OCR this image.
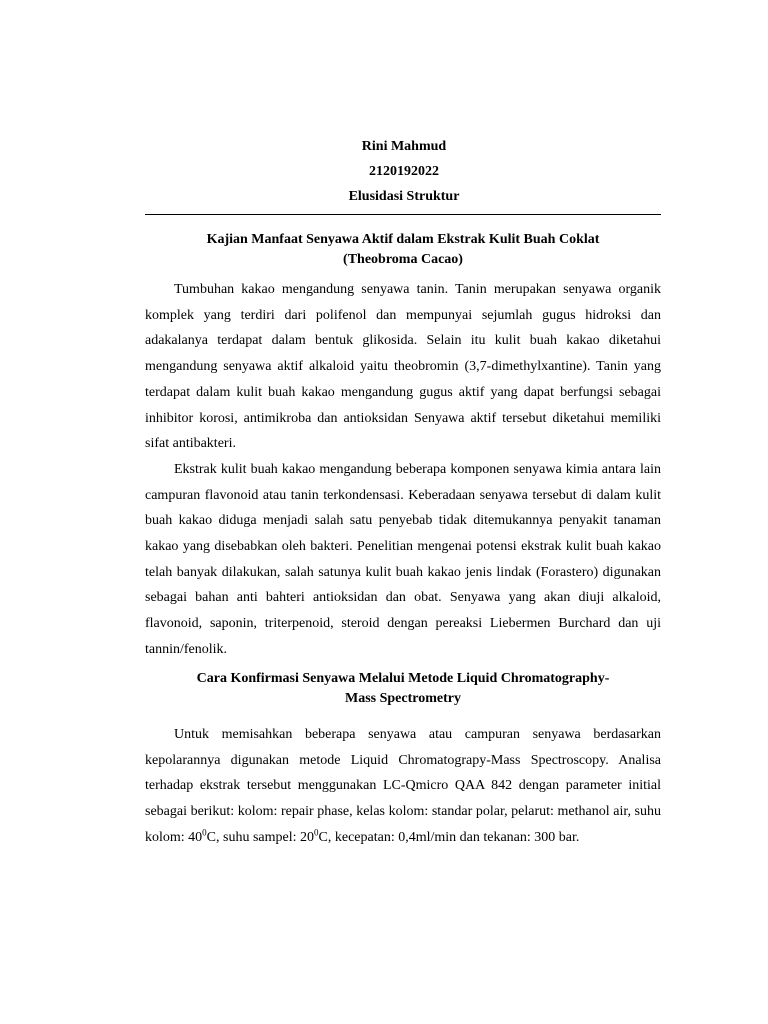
Rini Mahmud
2120192022
Elusidasi Struktur
Kajian Manfaat Senyawa Aktif dalam Ekstrak Kulit Buah Coklat
(Theobroma Cacao)

Tumbuhan kakao mengandung senyawa tanin. Tanin merupakan senyawa organik komplek yang terdiri dari polifenol dan mempunyai sejumlah gugus hidroksi dan adakalanya terdapat dalam bentuk glikosida. Selain itu kulit buah kakao diketahui mengandung senyawa aktif alkaloid yaitu theobromin (3,7-dimethylxantine). Tanin yang terdapat dalam kulit buah kakao mengandung gugus aktif yang dapat berfungsi sebagai inhibitor korosi, antimikroba dan antioksidan Senyawa aktif tersebut diketahui memiliki sifat antibakteri.

Ekstrak kulit buah kakao mengandung beberapa komponen senyawa kimia antara lain campuran flavonoid atau tanin terkondensasi. Keberadaan senyawa tersebut di dalam kulit buah kakao diduga menjadi salah satu penyebab tidak ditemukannya penyakit tanaman kakao yang disebabkan oleh bakteri. Penelitian mengenai potensi ekstrak kulit buah kakao telah banyak dilakukan, salah satunya kulit buah kakao jenis lindak (Forastero) digunakan sebagai bahan anti bahteri antioksidan dan obat. Senyawa yang akan diuji alkaloid, flavonoid, saponin, triterpenoid, steroid dengan pereaksi Liebermen Burchard dan uji tannin/fenolik.

Cara Konfirmasi Senyawa Melalui Metode Liquid Chromatography-
Mass Spectrometry

Untuk memisahkan beberapa senyawa atau campuran senyawa berdasarkan kepolarannya digunakan metode Liquid Chromatograpy-Mass Spectroscopy. Analisa terhadap ekstrak tersebut menggunakan LC-Qmicro QAA 842 dengan parameter initial sebagai berikut: kolom: repair phase, kelas kolom: standar polar, pelarut: methanol air, suhu kolom: $40^0C$, suhu sampel: $20^0C$, kecepatan: 0,4ml/min dan tekanan: 300 bar.
